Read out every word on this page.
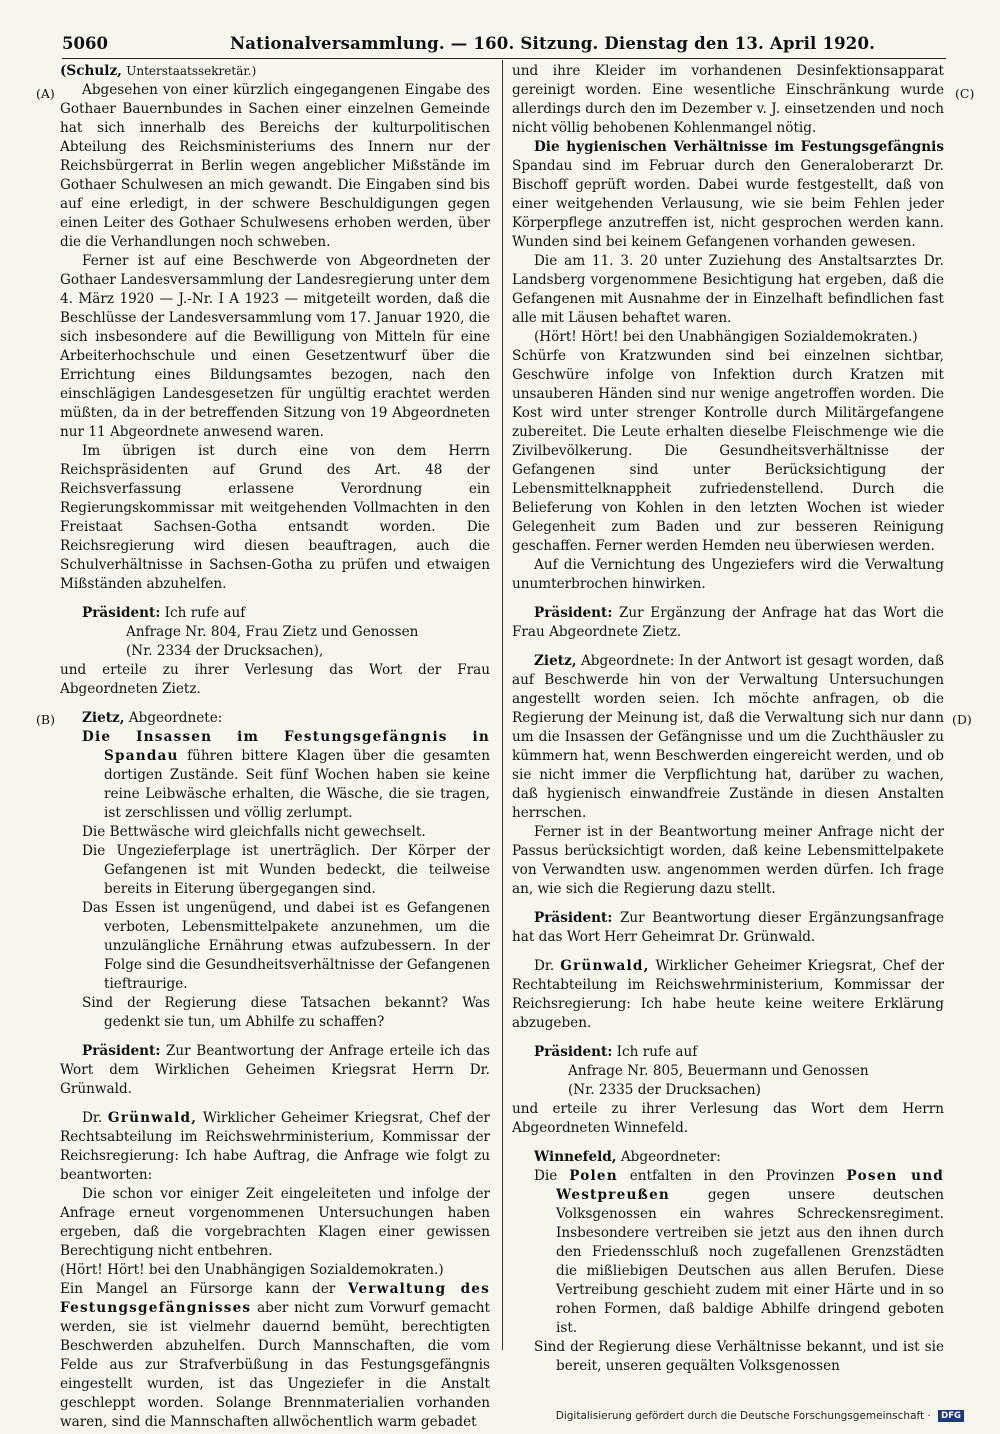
5060	Nationalversammlung. — 160. Sitzung. Dienstag den 13. April 1920.
(A)
(B)
(C)
(D)

(Schulz, Unterstaatssekretär.)

Abgesehen von einer kürzlich eingegangenen Eingabe des Gothaer Bauernbundes in Sachen einer einzelnen Gemeinde hat sich innerhalb des Bereichs der kulturpolitischen Abteilung des Reichsministeriums des Innern nur der Reichsbürgerrat in Berlin wegen angeblicher Mißstände im Gothaer Schulwesen an mich gewandt. Die Eingaben sind bis auf eine erledigt, in der schwere Beschuldigungen gegen einen Leiter des Gothaer Schulwesens erhoben werden, über die die Verhandlungen noch schweben.

Ferner ist auf eine Beschwerde von Abgeordneten der Gothaer Landesversammlung der Landesregierung unter dem 4. März 1920 — J.-Nr. I A 1923 — mitgeteilt worden, daß die Beschlüsse der Landesversammlung vom 17. Januar 1920, die sich insbesondere auf die Bewilligung von Mitteln für eine Arbeiterhochschule und einen Gesetzentwurf über die Errichtung eines Bildungsamtes bezogen, nach den einschlägigen Landesgesetzen für ungültig erachtet werden müßten, da in der betreffenden Sitzung von 19 Abgeordneten nur 11 Abgeordnete anwesend waren.

Im übrigen ist durch eine von dem Herrn Reichspräsidenten auf Grund des Art. 48 der Reichsverfassung erlassene Verordnung ein Regierungskommissar mit weitgehenden Vollmachten in den Freistaat Sachsen-Gotha entsandt worden. Die Reichsregierung wird diesen beauftragen, auch die Schulverhältnisse in Sachsen-Gotha zu prüfen und etwaigen Mißständen abzuhelfen.

Präsident: Ich rufe auf

Anfrage Nr. 804, Frau Zietz und Genossen

(Nr. 2334 der Drucksachen),

und erteile zu ihrer Verlesung das Wort der Frau Abgeordneten Zietz.

Zietz, Abgeordnete:

Die Insassen im Festungsgefängnis in Spandau führen bittere Klagen über die gesamten dortigen Zustände. Seit fünf Wochen haben sie keine reine Leibwäsche erhalten, die Wäsche, die sie tragen, ist zerschlissen und völlig zerlumpt.

Die Bettwäsche wird gleichfalls nicht gewechselt.

Die Ungezieferplage ist unerträglich. Der Körper der Gefangenen ist mit Wunden bedeckt, die teilweise bereits in Eiterung übergegangen sind.

Das Essen ist ungenügend, und dabei ist es Gefangenen verboten, Lebensmittelpakete anzunehmen, um die unzulängliche Ernährung etwas aufzubessern. In der Folge sind die Gesundheitsverhältnisse der Gefangenen tieftraurige.

Sind der Regierung diese Tatsachen bekannt? Was gedenkt sie tun, um Abhilfe zu schaffen?

Präsident: Zur Beantwortung der Anfrage erteile ich das Wort dem Wirklichen Geheimen Kriegsrat Herrn Dr. Grünwald.

Dr. Grünwald, Wirklicher Geheimer Kriegsrat, Chef der Rechtsabteilung im Reichswehrministerium, Kommissar der Reichsregierung: Ich habe Auftrag, die Anfrage wie folgt zu beantworten:

Die schon vor einiger Zeit eingeleiteten und infolge der Anfrage erneut vorgenommenen Untersuchungen haben ergeben, daß die vorgebrachten Klagen einer gewissen Berechtigung nicht entbehren.

(Hört! Hört! bei den Unabhängigen Sozialdemokraten.)

Ein Mangel an Fürsorge kann der Verwaltung des Festungsgefängnisses aber nicht zum Vorwurf gemacht werden, sie ist vielmehr dauernd bemüht, berechtigten Beschwerden abzuhelfen. Durch Mannschaften, die vom Felde aus zur Strafverbüßung in das Festungsgefängnis eingestellt wurden, ist das Ungeziefer in die Anstalt geschleppt worden. Solange Brennmaterialien vorhanden waren, sind die Mannschaften allwöchentlich warm gebadet

und ihre Kleider im vorhandenen Desinfektionsapparat gereinigt worden. Eine wesentliche Einschränkung wurde allerdings durch den im Dezember v. J. einsetzenden und noch nicht völlig behobenen Kohlenmangel nötig.

Die hygienischen Verhältnisse im Festungsgefängnis Spandau sind im Februar durch den Generaloberarzt Dr. Bischoff geprüft worden. Dabei wurde festgestellt, daß von einer weitgehenden Verlausung, wie sie beim Fehlen jeder Körperpflege anzutreffen ist, nicht gesprochen werden kann. Wunden sind bei keinem Gefangenen vorhanden gewesen.

Die am 11. 3. 20 unter Zuziehung des Anstaltsarztes Dr. Landsberg vorgenommene Besichtigung hat ergeben, daß die Gefangenen mit Ausnahme der in Einzelhaft befindlichen fast alle mit Läusen behaftet waren.

(Hört! Hört! bei den Unabhängigen Sozialdemokraten.)

Schürfe von Kratzwunden sind bei einzelnen sichtbar, Geschwüre infolge von Infektion durch Kratzen mit unsauberen Händen sind nur wenige angetroffen worden. Die Kost wird unter strenger Kontrolle durch Militärgefangene zubereitet. Die Leute erhalten dieselbe Fleischmenge wie die Zivilbevölkerung. Die Gesundheitsverhältnisse der Gefangenen sind unter Berücksichtigung der Lebensmittelknappheit zufriedenstellend. Durch die Belieferung von Kohlen in den letzten Wochen ist wieder Gelegenheit zum Baden und zur besseren Reinigung geschaffen. Ferner werden Hemden neu überwiesen werden.

Auf die Vernichtung des Ungeziefers wird die Verwaltung unumterbrochen hinwirken.

Präsident: Zur Ergänzung der Anfrage hat das Wort die Frau Abgeordnete Zietz.

Zietz, Abgeordnete: In der Antwort ist gesagt worden, daß auf Beschwerde hin von der Verwaltung Untersuchungen angestellt worden seien. Ich möchte anfragen, ob die Regierung der Meinung ist, daß die Verwaltung sich nur dann um die Insassen der Gefängnisse und um die Zuchthäusler zu kümmern hat, wenn Beschwerden eingereicht werden, und ob sie nicht immer die Verpflichtung hat, darüber zu wachen, daß hygienisch einwandfreie Zustände in diesen Anstalten herrschen.

Ferner ist in der Beantwortung meiner Anfrage nicht der Passus berücksichtigt worden, daß keine Lebensmittelpakete von Verwandten usw. angenommen werden dürfen. Ich frage an, wie sich die Regierung dazu stellt.

Präsident: Zur Beantwortung dieser Ergänzungsanfrage hat das Wort Herr Geheimrat Dr. Grünwald.

Dr. Grünwald, Wirklicher Geheimer Kriegsrat, Chef der Rechtabteilung im Reichswehrministerium, Kommissar der Reichsregierung: Ich habe heute keine weitere Erklärung abzugeben.

Präsident: Ich rufe auf

Anfrage Nr. 805, Beuermann und Genossen

(Nr. 2335 der Drucksachen)

und erteile zu ihrer Verlesung das Wort dem Herrn Abgeordneten Winnefeld.

Winnefeld, Abgeordneter:

Die Polen entfalten in den Provinzen Posen und Westpreußen	gegen unsere deutschen Volksgenossen ein wahres Schreckensregiment. Insbesondere vertreiben sie jetzt aus den ihnen durch den Friedensschluß noch zugefallenen Grenzstädten die mißliebigen Deutschen aus allen Berufen. Diese Vertreibung geschieht zudem mit einer Härte und in so rohen Formen, daß baldige Abhilfe dringend geboten ist.

Sind der Regierung diese Verhältnisse bekannt, und ist sie bereit, unseren gequälten Volksgenossen

Digitalisierung gefördert durch die Deutsche Forschungsgemeinschaft · DFG
